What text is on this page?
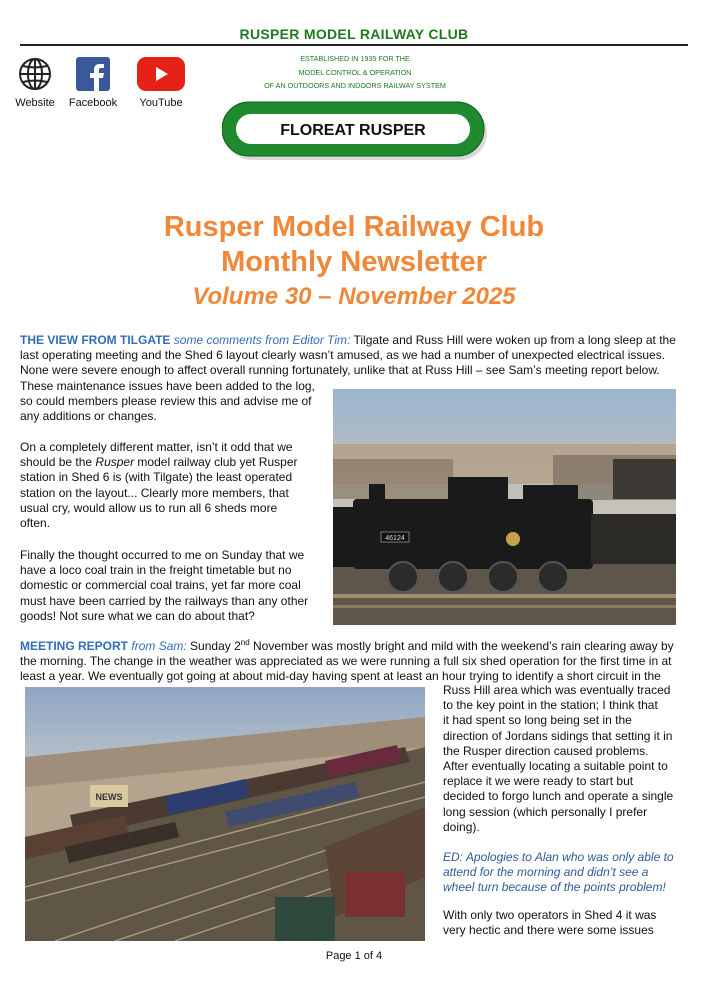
RUSPER MODEL RAILWAY CLUB
Website Facebook	YouTube
ESTABLISHED IN 1935 FOR THE
MODEL CONTROL & OPERATION
OF AN OUTDOORS AND INDOORS RAILWAY SYSTEM
FLOREAT RUSPER
Rusper Model Railway Club
Monthly Newsletter
Volume 30 – November 2025
THE VIEW FROM TILGATE some comments from Editor Tim: Tilgate and Russ Hill were woken up from a long sleep at the
last operating meeting and the Shed 6 layout clearly wasn’t amused, as we had a number of unexpected electrical issues.
None were severe enough to affect overall running fortunately, unlike that at Russ Hill – see Sam’s meeting report below.
These maintenance issues have been added to the log,
so could members please review this and advise me of
any additions or changes.
On a completely different matter, isn’t it odd that we
should be the Rusper model railway club yet Rusper
station in Shed 6 is (with Tilgate) the least operated
station on the layout... Clearly more members, that
usual cry, would allow us to run all 6 sheds more
often.
Finally the thought occurred to me on Sunday that we
have a loco coal train in the freight timetable but no
domestic or commercial coal trains, yet far more coal
must have been carried by the railways than any other
goods! Not sure what we can do about that?
46124
MEETING REPORT from Sam: Sunday 2nd November was mostly bright and mild with the weekend’s rain clearing away by
the morning. The change in the weather was appreciated as we were running a full six shed operation for the first time in at
least a year. We eventually got going at about mid-day having spent at least an hour trying to identify a short circuit in the
NEWS
Russ Hill area which was eventually traced
to the key point in the station; I think that
it had spent so long being set in the
direction of Jordans sidings that setting it in
the Rusper direction caused problems.
After eventually locating a suitable point to
replace it we were ready to start but
decided to forgo lunch and operate a single
long session (which personally I prefer
doing).
ED: Apologies to Alan who was only able to
attend for the morning and didn’t see a
wheel turn because of the points problem!
With only two operators in Shed 4 it was
very hectic and there were some issues
Page 1 of 4
